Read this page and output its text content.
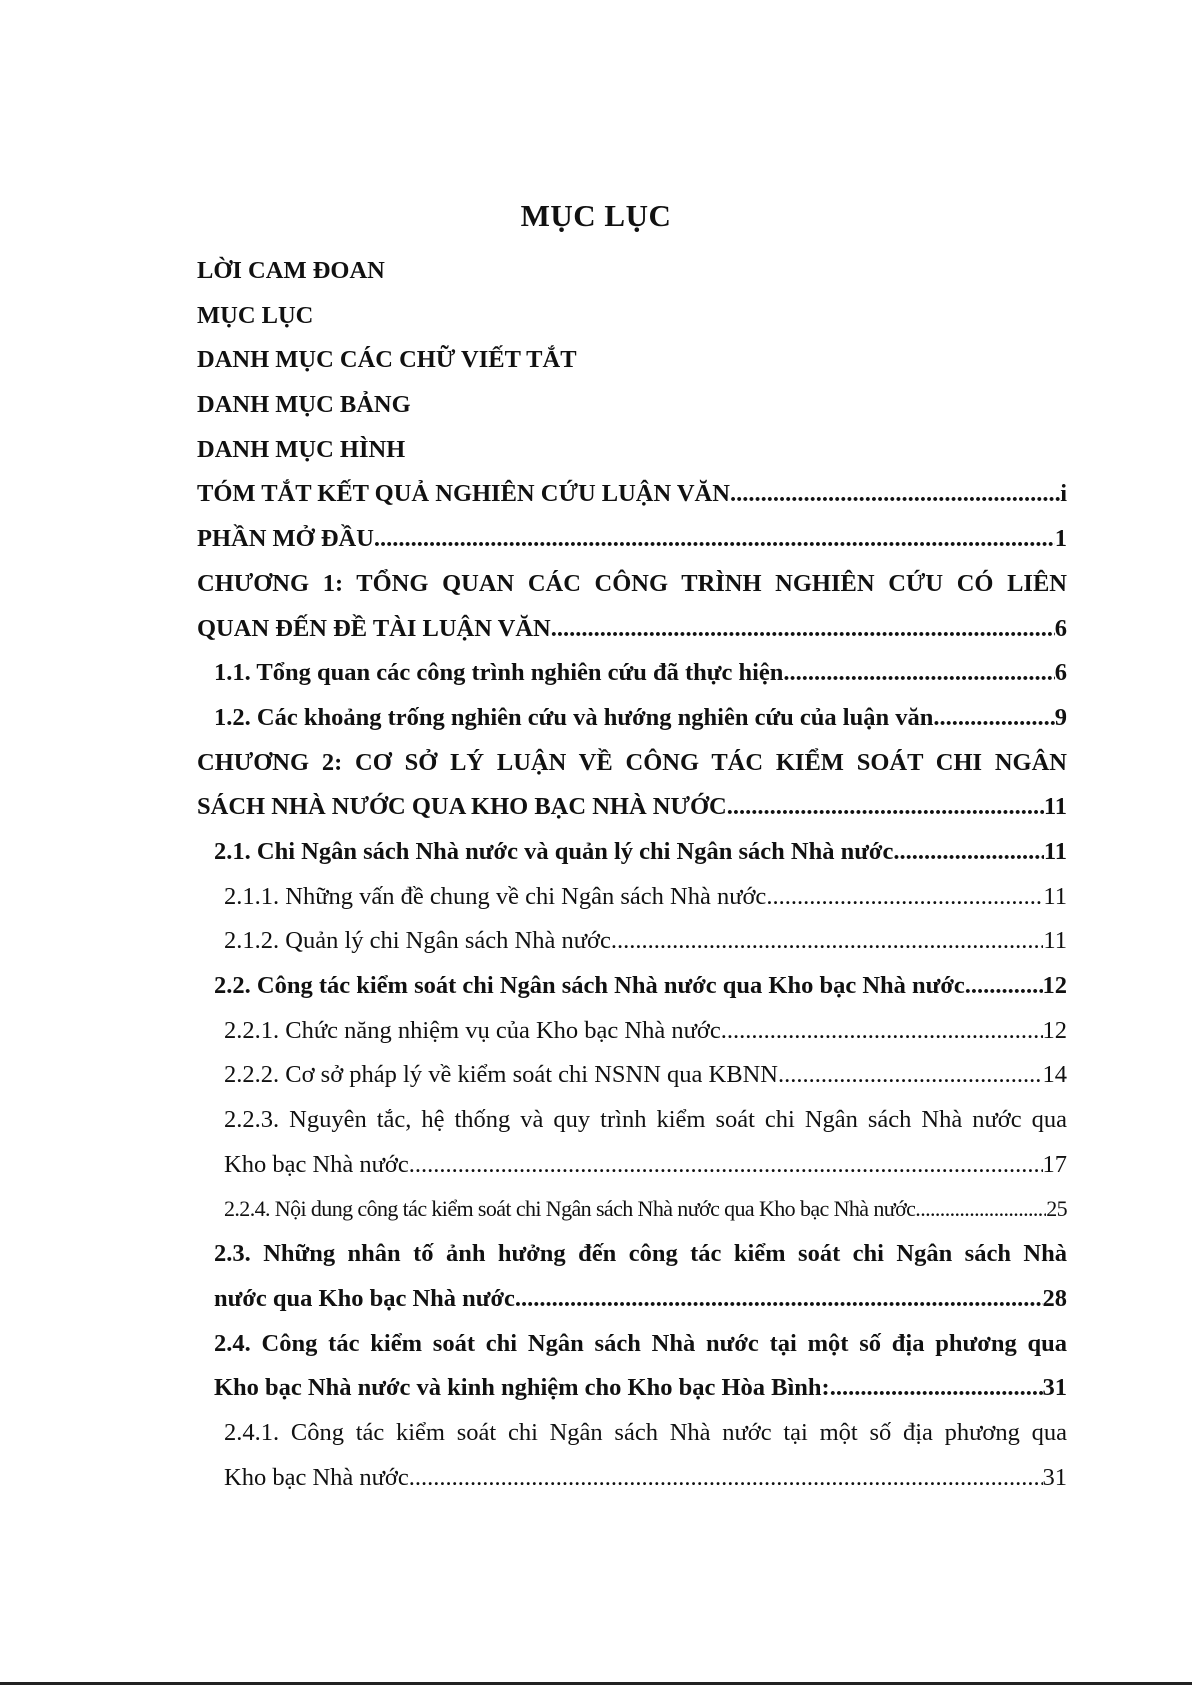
MỤC LỤC
LỜI CAM ĐOAN
MỤC LỤC
DANH MỤC CÁC CHỮ VIẾT TẮT
DANH MỤC BẢNG
DANH MỤC HÌNH
TÓM TẮT KẾT QUẢ NGHIÊN CỨU LUẬN VĂN .....	i
PHẦN MỞ ĐẦU .....	1
CHƯƠNG 1: TỔNG QUAN CÁC CÔNG TRÌNH NGHIÊN CỨU CÓ LIÊN
QUAN ĐẾN ĐỀ TÀI LUẬN VĂN .....	6
1.1. Tổng quan các công trình nghiên cứu đã thực hiện .....	6
1.2. Các khoảng trống nghiên cứu và hướng nghiên cứu của luận văn .....	9
CHƯƠNG 2: CƠ SỞ LÝ LUẬN VỀ CÔNG TÁC KIỂM SOÁT CHI NGÂN
SÁCH NHÀ NƯỚC QUA KHO BẠC NHÀ NƯỚC .....	11
2.1. Chi Ngân sách Nhà nước và quản lý chi Ngân sách Nhà nước. .....	11
2.1.1. Những vấn đề chung về chi Ngân sách Nhà nước .....	11
2.1.2. Quản lý chi Ngân sách Nhà nước .....	11
2.2. Công tác kiểm soát chi Ngân sách Nhà nước qua Kho bạc Nhà nước .....	12
2.2.1. Chức năng nhiệm vụ của Kho bạc Nhà nước .....	12
2.2.2. Cơ sở pháp lý về kiểm soát chi NSNN qua KBNN. .....	14
2.2.3. Nguyên tắc, hệ thống và quy trình kiểm soát chi Ngân sách Nhà nước qua
Kho bạc Nhà nước .....	17
2.2.4. Nội dung công tác kiểm soát chi Ngân sách Nhà nước qua Kho bạc Nhà nước .....	25
2.3. Những nhân tố ảnh hưởng đến công tác kiểm soát chi Ngân sách Nhà
nước qua Kho bạc Nhà nước .....	28
2.4. Công tác kiểm soát chi Ngân sách Nhà nước tại một số địa phương qua
Kho bạc Nhà nước và kinh nghiệm cho Kho bạc Hòa Bình: .....	31
2.4.1. Công tác kiểm soát chi Ngân sách Nhà nước tại một số địa phương qua
Kho bạc Nhà nước .....	31
